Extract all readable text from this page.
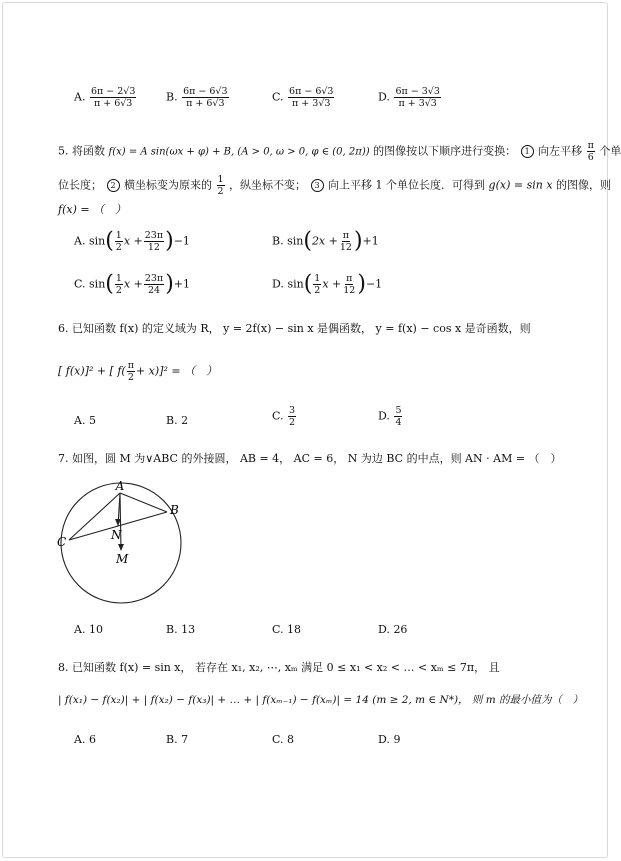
A. $\frac{6\pi - 2√3}{\pi + 6√3}$	B. $\frac{6\pi - 6√3}{\pi + 6√3}$	C. $\frac{6\pi - 6√3}{\pi + 3√3}$	D. $\frac{6\pi - 3√3}{\pi + 3√3}$
5. 将函数 f(x) = A sin(ωx + φ) + B, (A > 0, ω > 0, φ ∈ (0, 2π)) 的图像按以下顺序进行变换： 1 向左平移 $\frac{\pi}{6}$ 个单
位长度； 2 横坐标变为原来的 $\frac{1}{2}$ ，纵坐标不变； 3 向上平移 1 个单位长度．可得到 g(x) = sin x 的图像，则
f(x) = （　）
A. $\sin( \frac{1}{2}$ $x + \frac{23\pi}{12} )-1$	B. $\sin(2x + \frac{\pi}{12} )+1$
C. $\sin( \frac{1}{2}$ $x + \frac{23\pi}{24} )+1$	D. $\sin( \frac{1}{2}$ $x + \frac{\pi}{12} )-1$
6. 已知函数 f(x) 的定义域为 R， y = 2f(x) − sin x 是偶函数， y = f(x) − cos x 是奇函数，则
[ f(x)]² + [ $f( \frac{\pi}{2} + x)]^2$ = （　）
A. 5	B. 2	C. $\frac{3}{2}$	D. $\frac{5}{4}$
7. 如图，圆 M 为∨ABC 的外接圆， AB = 4， AC = 6， N 为边 BC 的中点，则 AN · AM = （　）
A
B
C	N
M
A. 10	B. 13	C. 18	D. 26
8. 已知函数 f(x) = sin x， 若存在 x₁, x₂, ⋯, xₘ 满足 0 ≤ x₁ < x₂ < … < xₘ ≤ 7π， 且
| f(x₁) − f(x₂)| + | f(x₂) − f(x₃)| + … + | f(xₘ₋₁) − f(xₘ)| = 14 (m ≥ 2, m ∈ N*)， 则 m 的最小值为（　）
A. 6	B. 7	C. 8	D. 9
